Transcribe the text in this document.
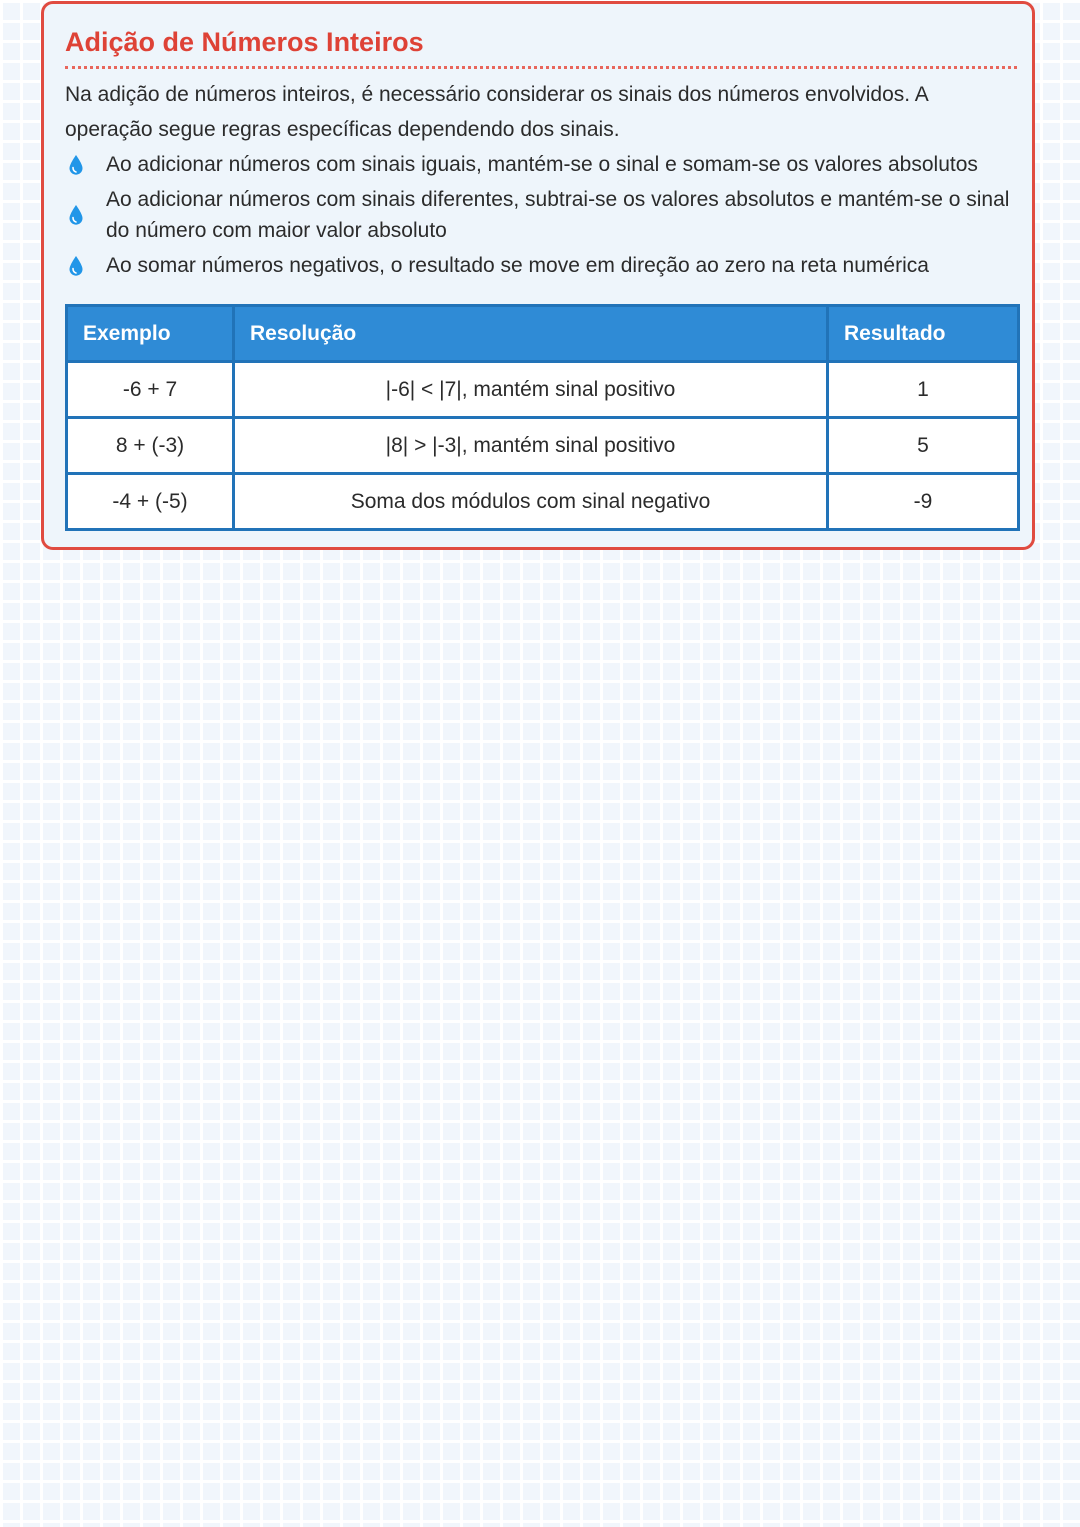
Adição de Números Inteiros

Na adição de números inteiros, é necessário considerar os sinais dos números envolvidos. A operação segue regras específicas dependendo dos sinais.

Ao adicionar números com sinais iguais, mantém-se o sinal e somam-se os valores absolutos
Ao adicionar números com sinais diferentes, subtrai-se os valores absolutos e mantém-se o sinal do número com maior valor absoluto
Ao somar números negativos, o resultado se move em direção ao zero na reta numérica
Exemplo	Resolução	Resultado
-6 + 7	|-6| < |7|, mantém sinal positivo	1
8 + (-3)	|8| > |-3|, mantém sinal positivo	5
-4 + (-5)	Soma dos módulos com sinal negativo	-9
